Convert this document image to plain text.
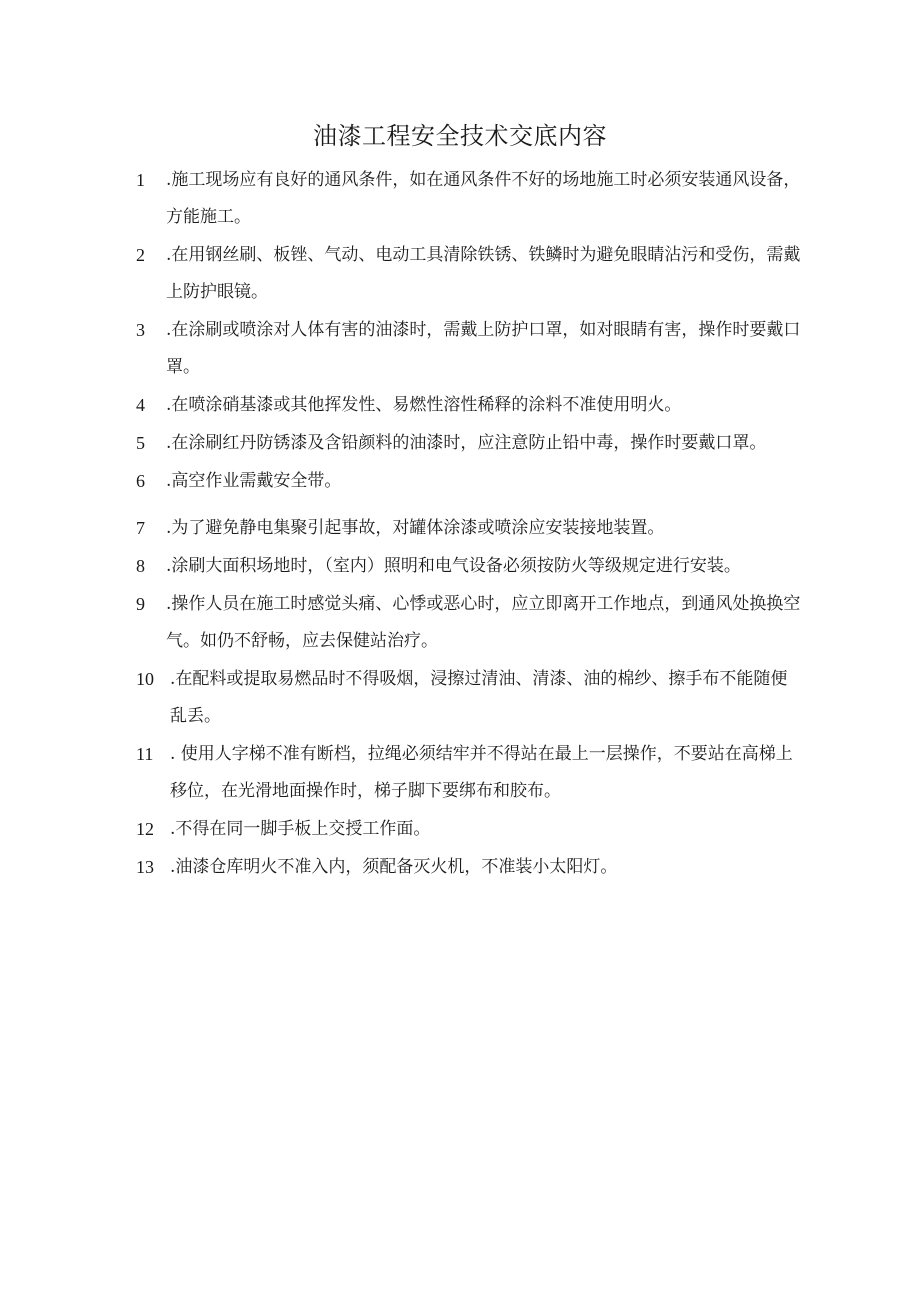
油漆工程安全技术交底内容
1 .施工现场应有良好的通风条件，如在通风条件不好的场地施工时必须安装通风设备，方能施工。
2 .在用钢丝刷、板锉、气动、电动工具清除铁锈、铁鳞时为避免眼睛沾污和受伤，需戴上防护眼镜。
3 .在涂刷或喷涂对人体有害的油漆时，需戴上防护口罩，如对眼睛有害，操作时要戴口罩。
4 .在喷涂硝基漆或其他挥发性、易燃性溶性稀释的涂料不准使用明火。
5 .在涂刷红丹防锈漆及含铅颜料的油漆时，应注意防止铅中毒，操作时要戴口罩。
6 .高空作业需戴安全带。
7 .为了避免静电集聚引起事故，对罐体涂漆或喷涂应安装接地装置。
8 .涂刷大面积场地时，（室内）照明和电气设备必须按防火等级规定进行安装。
9 .操作人员在施工时感觉头痛、心悸或恶心时，应立即离开工作地点，到通风处换换空气。如仍不舒畅，应去保健站治疗。
10 .在配料或提取易燃品时不得吸烟，浸擦过清油、清漆、油的棉纱、擦手布不能随便乱丢。
11 . 使用人字梯不准有断档，拉绳必须结牢并不得站在最上一层操作，不要站在高梯上移位，在光滑地面操作时，梯子脚下要绑布和胶布。
12 .不得在同一脚手板上交授工作面。
13 .油漆仓库明火不准入内，须配备灭火机，不准装小太阳灯。
